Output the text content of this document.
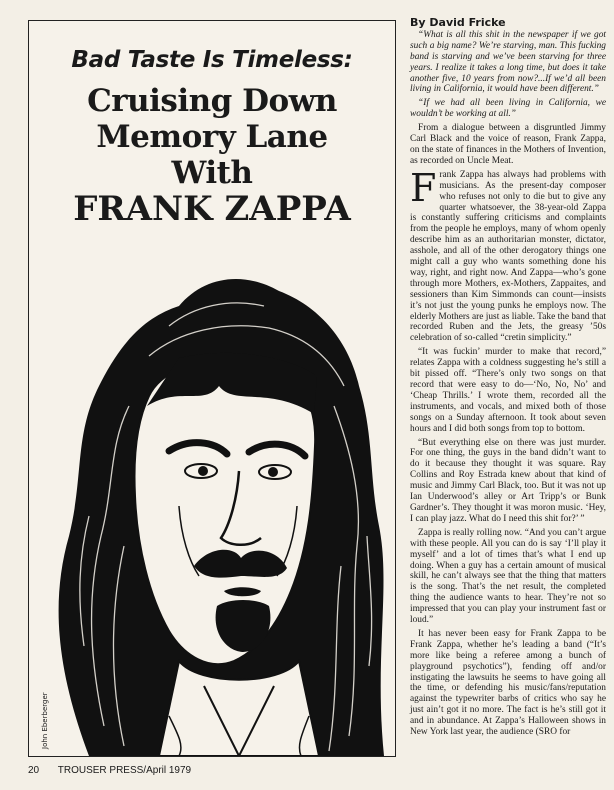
Bad Taste Is Timeless:
Cruising Down
Memory Lane
With
FRANK ZAPPA
John Eberberger
By David Fricke

“What is all this shit in the newspaper if we got such a big name? We’re starving, man. This fucking band is starving and we’ve been starving for three years. I realize it takes a long time, but does it take another five, 10 years from now?...If we’d all been living in California, it would have been different.”

“If we had all been living in California, we wouldn’t be working at all.”

From a dialogue between a disgruntled Jimmy Carl Black and the voice of reason, Frank Zappa, on the state of finances in the Mothers of Invention, as recorded on Uncle Meat.

Frank Zappa has always had problems with musicians. As the present-day composer who refuses not only to die but to give any quarter whatsoever, the 38-year-old Zappa is constantly suffering criticisms and complaints from the people he employs, many of whom openly describe him as an authoritarian monster, dictator, asshole, and all of the other derogatory things one might call a guy who wants something done his way, right, and right now. And Zappa—who’s gone through more Mothers, ex-Mothers, Zappaites, and sessioners than Kim Simmonds can count—insists it’s not just the young punks he employs now. The elderly Mothers are just as liable. Take the band that recorded Ruben and the Jets, the greasy ’50s celebration of so-called “cretin simplicity.”

“It was fuckin’ murder to make that record,” relates Zappa with a coldness suggesting he’s still a bit pissed off. “There’s only two songs on that record that were easy to do—‘No, No, No’ and ‘Cheap Thrills.’ I wrote them, recorded all the instruments, and vocals, and mixed both of those songs on a Sunday afternoon. It took about seven hours and I did both songs from top to bottom.

“But everything else on there was just murder. For one thing, the guys in the band didn’t want to do it because they thought it was square. Ray Collins and Roy Estrada knew about that kind of music and Jimmy Carl Black, too. But it was not up Ian Underwood’s alley or Art Tripp’s or Bunk Gardner’s. They thought it was moron music. ‘Hey, I can play jazz. What do I need this shit for?’ ”

Zappa is really rolling now. “And you can’t argue with these people. All you can do is say ‘I’ll play it myself’ and a lot of times that’s what I end up doing. When a guy has a certain amount of musical skill, he can’t always see that the thing that matters is the song. That’s the net result, the completed thing the audience wants to hear. They’re not so impressed that you can play your instrument fast or loud.”

It has never been easy for Frank Zappa to be Frank Zappa, whether he’s leading a band (“It’s more like being a referee among a bunch of playground psychotics”), fending off and/or instigating the lawsuits he seems to have going all the time, or defending his music/fans/reputation against the typewriter barbs of critics who say he just ain’t got it no more. The fact is he’s still got it and in abundance. At Zappa’s Halloween shows in New York last year, the audience (SRO for

20 TROUSER PRESS/April 1979
